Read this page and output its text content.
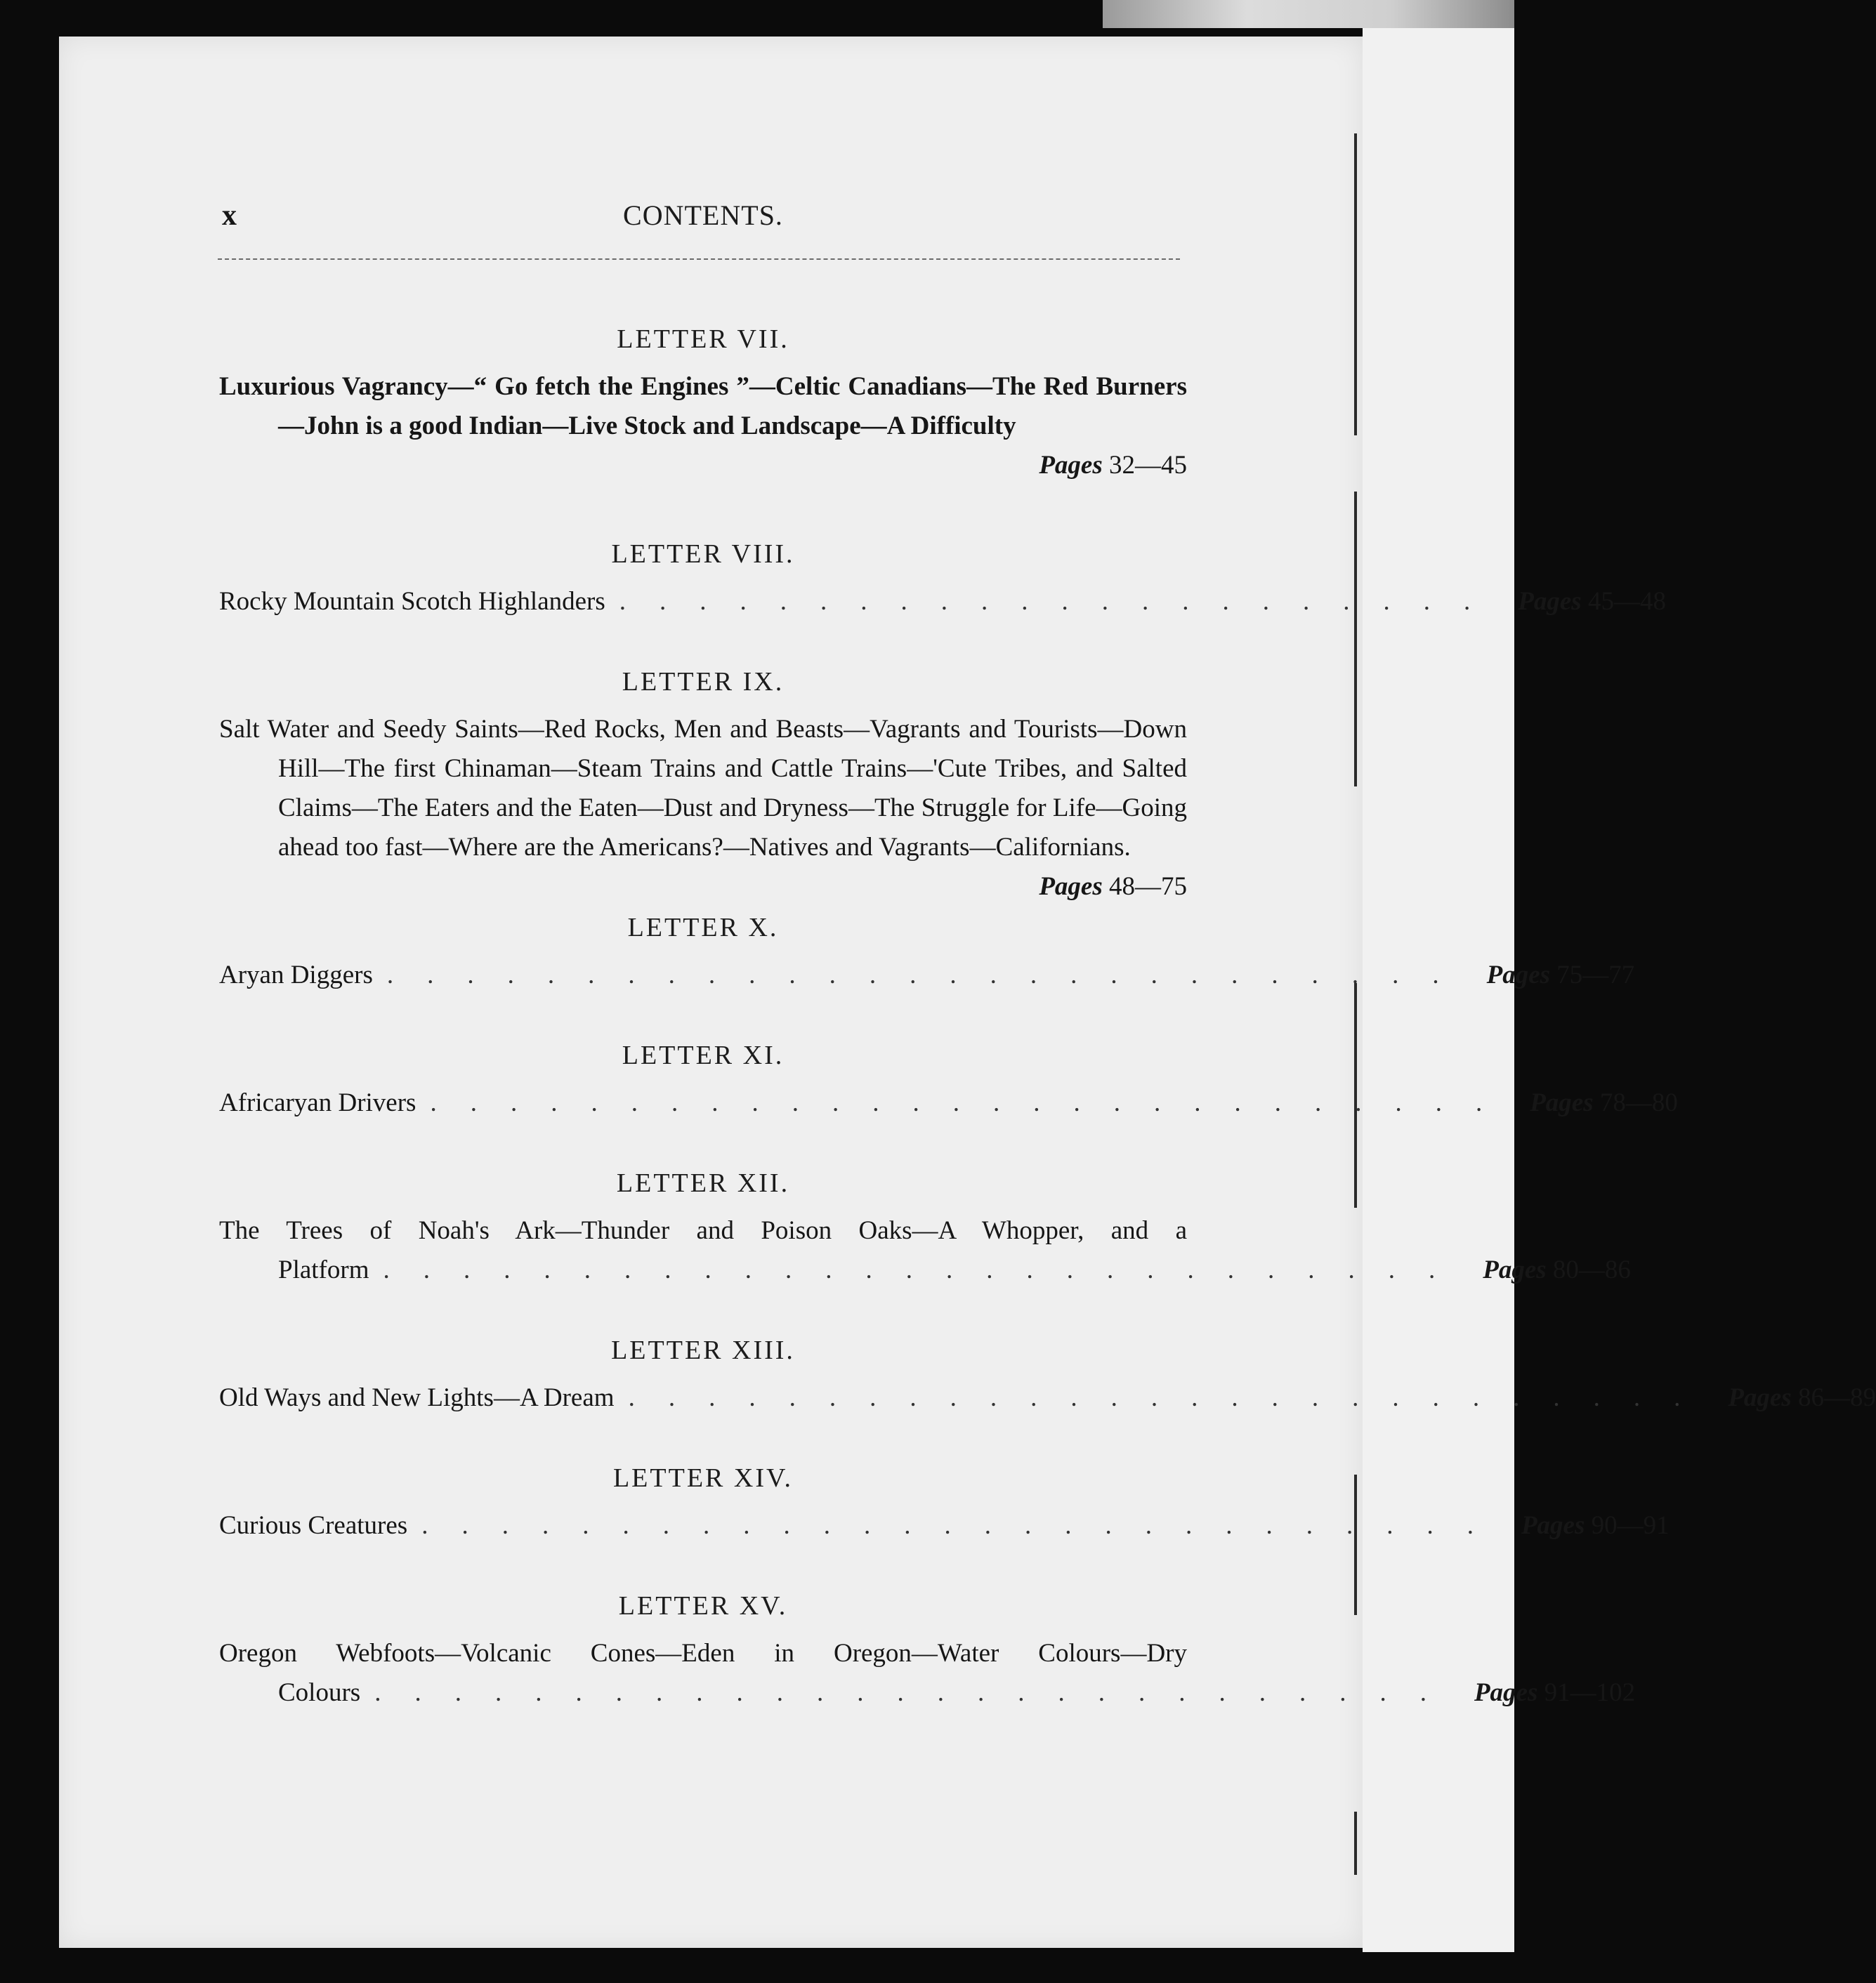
x	CONTENTS.
LETTER VII.

Luxurious Vagrancy—“ Go fetch the Engines ”—Celtic Canadians—The Red Burners—John is a good Indian—Live Stock and Landscape—A Difficulty

Pages 32—45
LETTER VIII.
Rocky Mountain Scotch Highlanders ...................... Pages 45—48
LETTER IX.

Salt Water and Seedy Saints—Red Rocks, Men and Beasts—Vagrants and Tourists—Down Hill—The first Chinaman—Steam Trains and Cattle Trains—'Cute Tribes, and Salted Claims—The Eaters and the Eaten—Dust and Dryness—The Struggle for Life—Going ahead too fast—Where are the Americans?—Natives and Vagrants—Californians.
Pages 48—75

LETTER X.
Aryan Diggers ........................... Pages 75—77
LETTER XI.
Africaryan Drivers ........................... Pages 78—80
LETTER XII.

The Trees of Noah's Ark—Thunder and Poison Oaks—A Whopper, and a

Platform ........................... Pages 80—86
LETTER XIII.
Old Ways and New Lights—A Dream ........................... Pages 86—89
LETTER XIV.
Curious Creatures ........................... Pages 90—91
LETTER XV.

Oregon Webfoots—Volcanic Cones—Eden in Oregon—Water Colours—Dry

Colours ........................... Pages 91—102
